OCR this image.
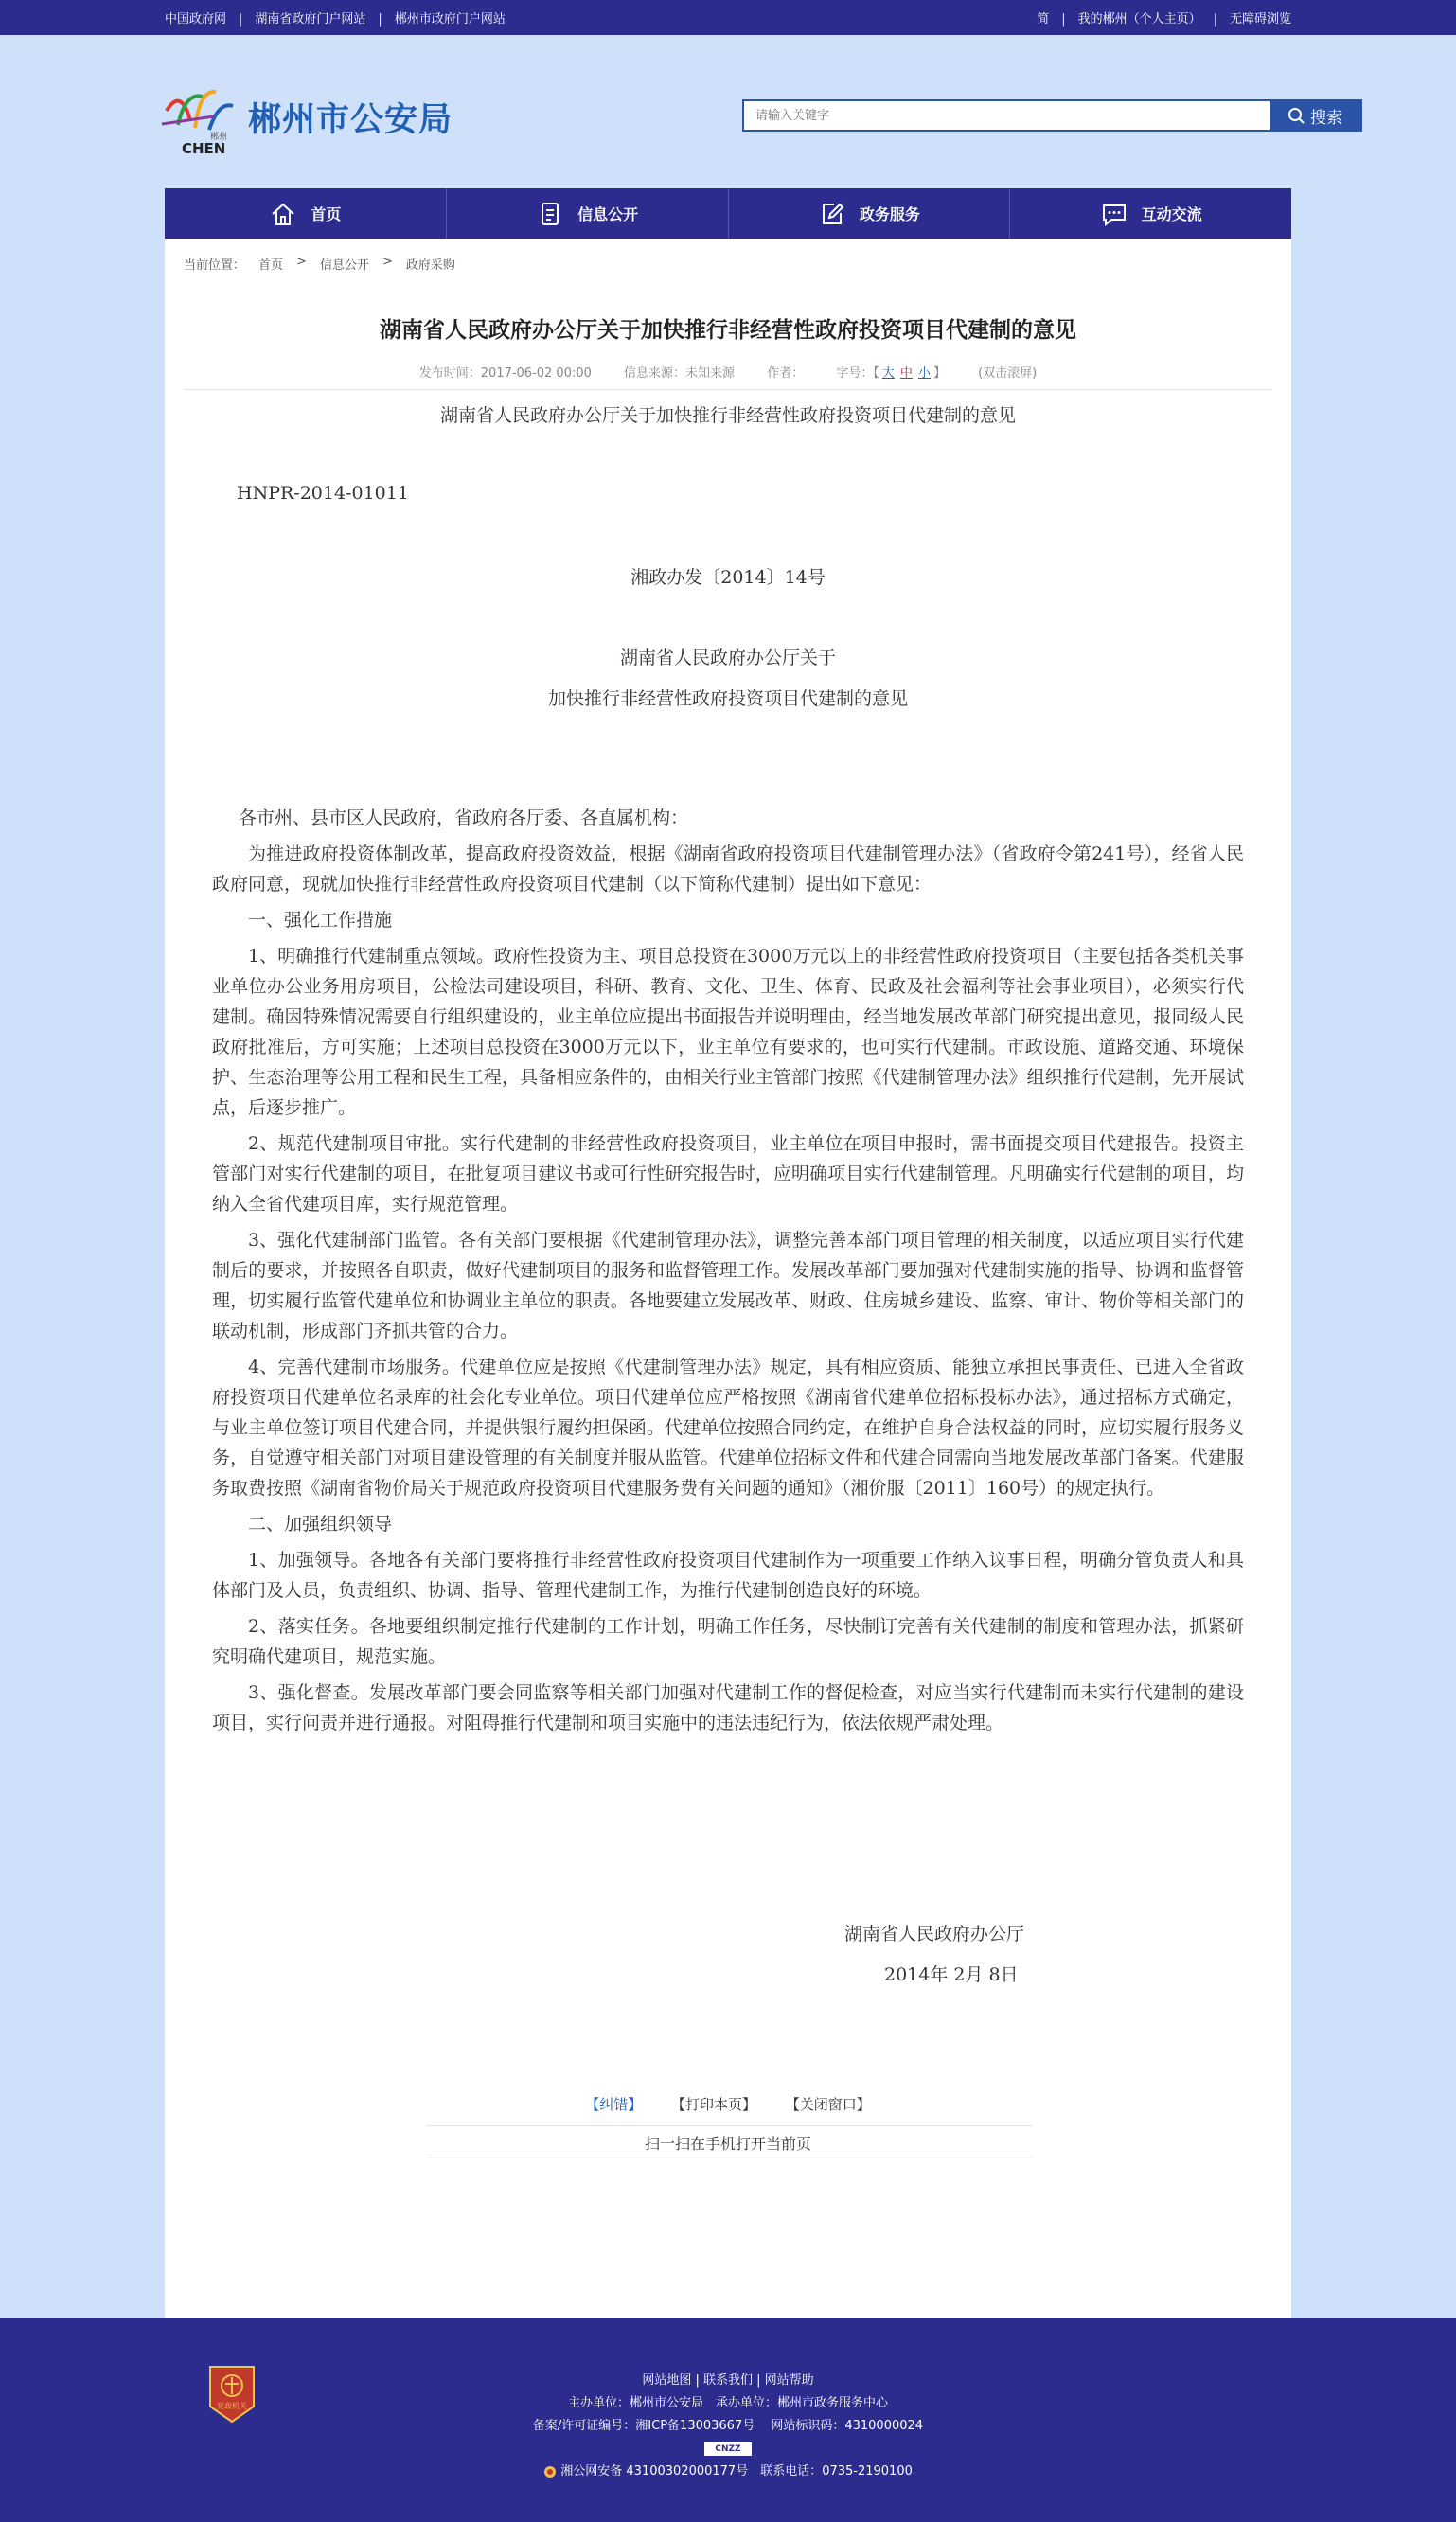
中国政府网 | 湖南省政府门户网站 | 郴州市政府门户网站	简 | 我的郴州（个人主页） | 无障碍浏览
郴州
CHEN
郴州市公安局
请输入关键字	搜索
首页	信息公开	政务服务	互动交流
当前位置： 首页 > 信息公开 > 政府采购
湖南省人民政府办公厅关于加快推行非经营性政府投资项目代建制的意见
发布时间：2017-06-02 00:00	信息来源：未知来源	作者：	字号：【 大 中 小 】	(双击滚屏)
湖南省人民政府办公厅关于加快推行非经营性政府投资项目代建制的意见
HNPR-2014-01011
湘政办发〔2014〕14号
湖南省人民政府办公厅关于
加快推行非经营性政府投资项目代建制的意见
各市州、县市区人民政府，省政府各厅委、各直属机构：
为推进政府投资体制改革，提高政府投资效益，根据《湖南省政府投资项目代建制管理办法》（省政府令第241号），经省人民政府同意，现就加快推行非经营性政府投资项目代建制（以下简称代建制）提出如下意见：
一、强化工作措施
1、明确推行代建制重点领域。政府性投资为主、项目总投资在3000万元以上的非经营性政府投资项目（主要包括各类机关事业单位办公业务用房项目，公检法司建设项目，科研、教育、文化、卫生、体育、民政及社会福利等社会事业项目），必须实行代建制。确因特殊情况需要自行组织建设的，业主单位应提出书面报告并说明理由，经当地发展改革部门研究提出意见，报同级人民政府批准后，方可实施；上述项目总投资在3000万元以下，业主单位有要求的，也可实行代建制。市政设施、道路交通、环境保护、生态治理等公用工程和民生工程，具备相应条件的，由相关行业主管部门按照《代建制管理办法》组织推行代建制，先开展试点，后逐步推广。
2、规范代建制项目审批。实行代建制的非经营性政府投资项目，业主单位在项目申报时，需书面提交项目代建报告。投资主管部门对实行代建制的项目，在批复项目建议书或可行性研究报告时，应明确项目实行代建制管理。凡明确实行代建制的项目，均纳入全省代建项目库，实行规范管理。
3、强化代建制部门监管。各有关部门要根据《代建制管理办法》，调整完善本部门项目管理的相关制度，以适应项目实行代建制后的要求，并按照各自职责，做好代建制项目的服务和监督管理工作。发展改革部门要加强对代建制实施的指导、协调和监督管理，切实履行监管代建单位和协调业主单位的职责。各地要建立发展改革、财政、住房城乡建设、监察、审计、物价等相关部门的联动机制，形成部门齐抓共管的合力。
4、完善代建制市场服务。代建单位应是按照《代建制管理办法》规定，具有相应资质、能独立承担民事责任、已进入全省政府投资项目代建单位名录库的社会化专业单位。项目代建单位应严格按照《湖南省代建单位招标投标办法》，通过招标方式确定，与业主单位签订项目代建合同，并提供银行履约担保函。代建单位按照合同约定，在维护自身合法权益的同时，应切实履行服务义务，自觉遵守相关部门对项目建设管理的有关制度并服从监管。代建单位招标文件和代建合同需向当地发展改革部门备案。代建服务取费按照《湖南省物价局关于规范政府投资项目代建服务费有关问题的通知》（湘价服〔2011〕160号）的规定执行。
二、加强组织领导
1、加强领导。各地各有关部门要将推行非经营性政府投资项目代建制作为一项重要工作纳入议事日程，明确分管负责人和具体部门及人员，负责组织、协调、指导、管理代建制工作，为推行代建制创造良好的环境。
2、落实任务。各地要组织制定推行代建制的工作计划，明确工作任务，尽快制订完善有关代建制的制度和管理办法，抓紧研究明确代建项目，规范实施。
3、强化督查。发展改革部门要会同监察等相关部门加强对代建制工作的督促检查，对应当实行代建制而未实行代建制的建设项目，实行问责并进行通报。对阻碍推行代建制和项目实施中的违法违纪行为，依法依规严肃处理。
湖南省人民政府办公厅
2014年 2月 8日
【纠错】 【打印本页】 【关闭窗口】
扫一扫在手机打开当前页
党政机关
网站地图 | 联系我们 | 网站帮助
主办单位：郴州市公安局　承办单位：郴州市政务服务中心
备案/许可证编号：湘ICP备13003667号　 网站标识码：4310000024
CNZZ
湘公网安备 43100302000177号　联系电话：0735-2190100
